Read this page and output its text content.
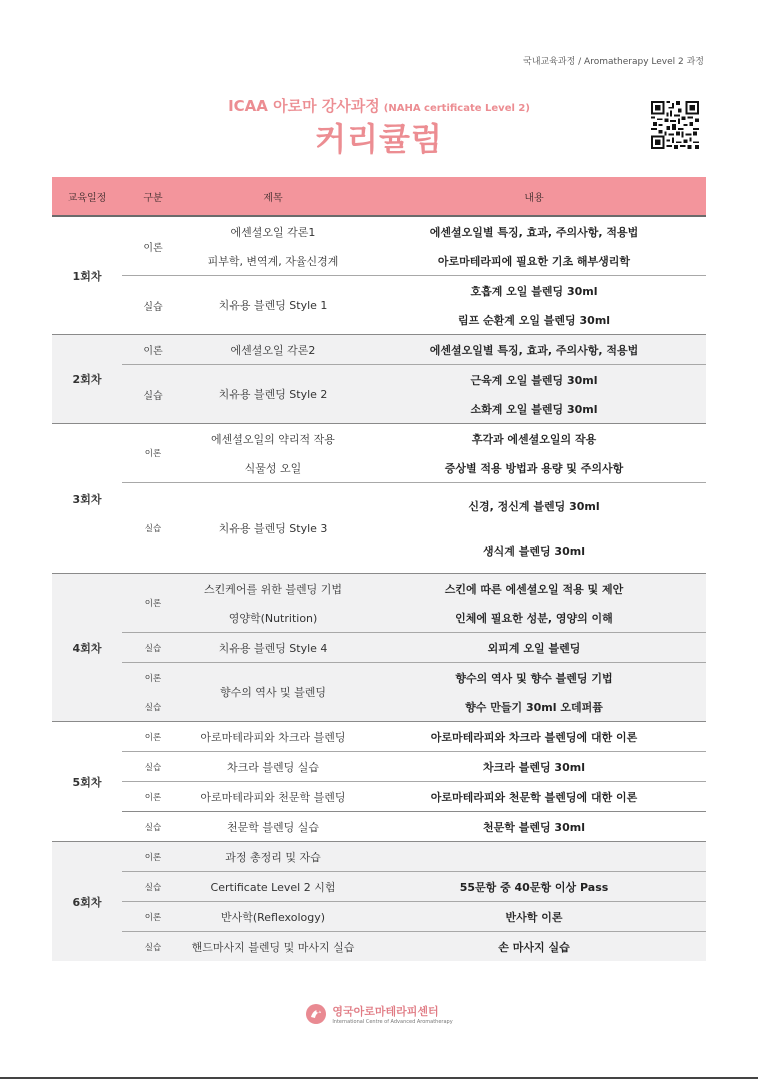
국내교육과정 / Aromatherapy Level 2 과정
ICAA 아로마 강사과정 (NAHA certificate Level 2)
커리큘럼
교육일정	구분	제목	내용
1회차	이론	에센셜오일 각론1	에센셜오일별 특징, 효과, 주의사항, 적용법
		피부학, 변역계, 자율신경계	아로마테라피에 필요한 기초 해부생리학
	실습	치유용 블렌딩 Style 1	호흡계 오일 블렌딩 30ml
			림프 순환계 오일 블렌딩 30ml
2회차	이론	에센셜오일 각론2	에센셜오일별 특징, 효과, 주의사항, 적용법
	실습	치유용 블렌딩 Style 2	근육계 오일 블렌딩 30ml
			소화계 오일 블렌딩 30ml
3회차	이론	에센셜오일의 약리적 작용	후각과 에센셜오일의 작용
		식물성 오일	증상별 적용 방법과 용량 및 주의사항
	실습	치유용 블렌딩 Style 3	신경, 정신계 블렌딩 30ml
			생식계 블렌딩 30ml
4회차	이론	스킨케어를 위한 블렌딩 기법	스킨에 따른 에센셜오일 적용 및 제안
		영양학(Nutrition)	인체에 필요한 성분, 영양의 이해
	실습	치유용 블렌딩 Style 4	외피계 오일 블렌딩
	이론	향수의 역사 및 블렌딩	향수의 역사 및 향수 블렌딩 기법
	실습		향수 만들기 30ml 오데퍼퓸
5회차	이론	아로마테라피와 차크라 블렌딩	아로마테라피와 차크라 블렌딩에 대한 이론
	실습	차크라 블렌딩 실습	차크라 블렌딩 30ml
	이론	아로마테라피와 천문학 블렌딩	아로마테라피와 천문학 블렌딩에 대한 이론
	실습	천문학 블렌딩 실습	천문학 블렌딩 30ml
6회차	이론	과정 총정리 및 자습	
	실습	Certificate Level 2 시험	55문항 중 40문항 이상 Pass
	이론	반사학(Reflexology)	반사학 이론
	실습	핸드마사지 블렌딩 및 마사지 실습	손 마사지 실습
영국아로마테라피센터
International Centre of Advanced Aromatherapy
